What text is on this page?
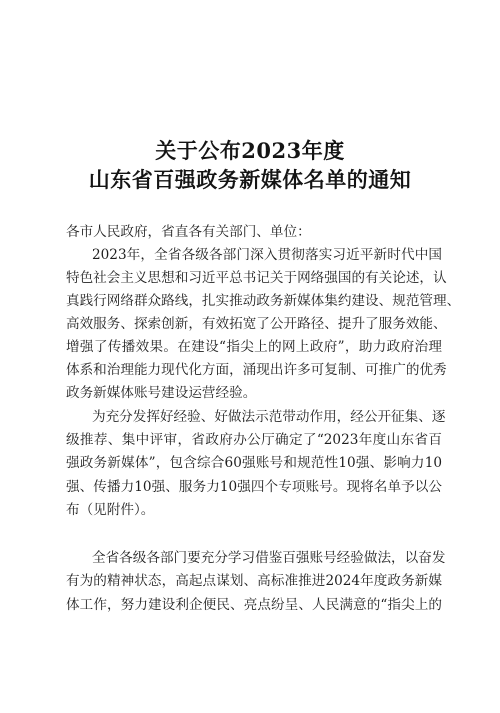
关于公布2023年度
山东省百强政务新媒体名单的通知
各市人民政府，省直各有关部门、单位：
2023年，全省各级各部门深入贯彻落实习近平新时代中国
特色社会主义思想和习近平总书记关于网络强国的有关论述，认
真践行网络群众路线，扎实推动政务新媒体集约建设、规范管理、
高效服务、探索创新，有效拓宽了公开路径、提升了服务效能、
增强了传播效果。在建设“指尖上的网上政府”，助力政府治理
体系和治理能力现代化方面，涌现出许多可复制、可推广的优秀
政务新媒体账号建设运营经验。
为充分发挥好经验、好做法示范带动作用，经公开征集、逐
级推荐、集中评审，省政府办公厅确定了“2023年度山东省百
强政务新媒体”，包含综合60强账号和规范性10强、影响力10
强、传播力10强、服务力10强四个专项账号。现将名单予以公
布（见附件）。
全省各级各部门要充分学习借鉴百强账号经验做法，以奋发
有为的精神状态，高起点谋划、高标准推进2024年度政务新媒
体工作，努力建设利企便民、亮点纷呈、人民满意的“指尖上的
